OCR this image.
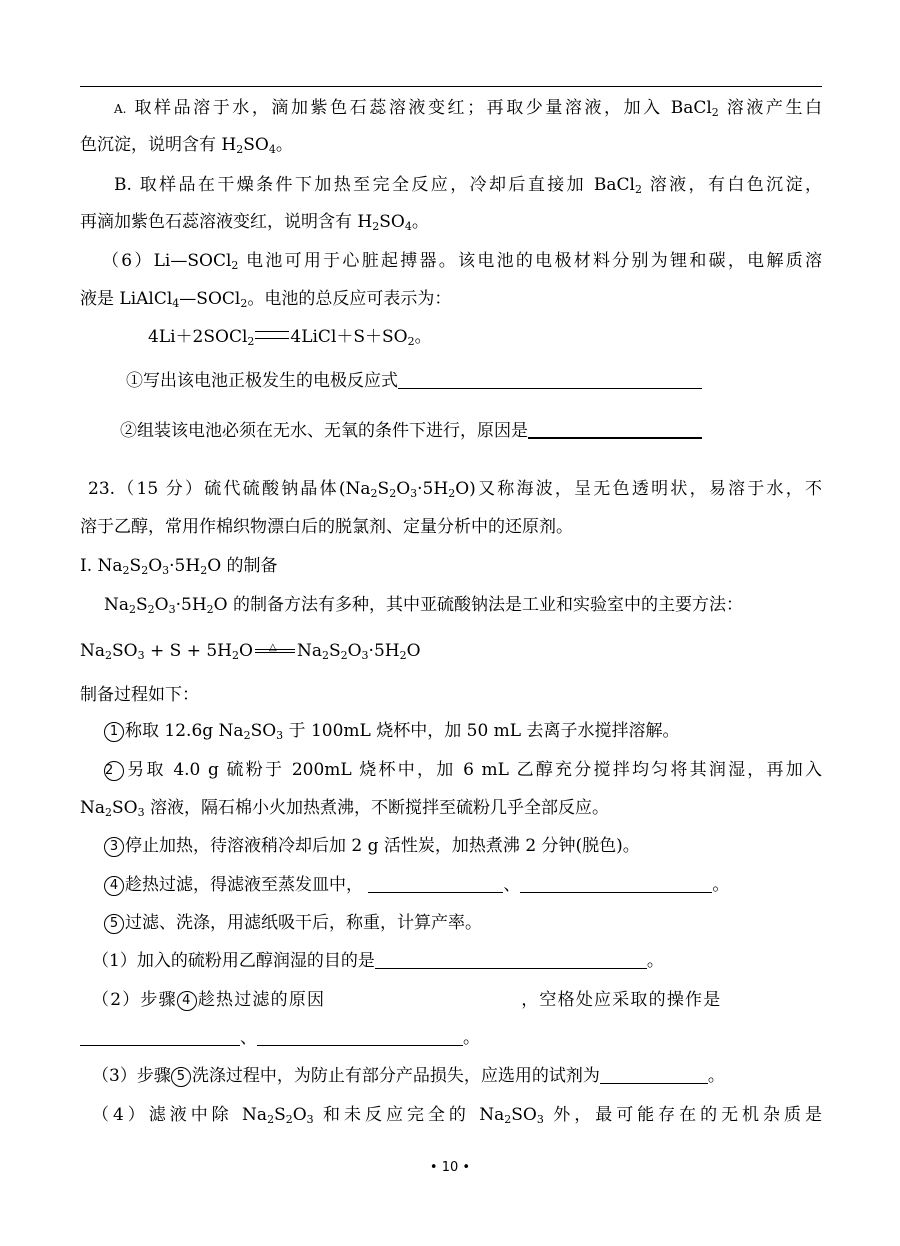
A. 取样品溶于水，滴加紫色石蕊溶液变红；再取少量溶液，加入 BaCl$_2$ 溶液产生白
色沉淀，说明含有 $H_2SO_4$。
B. 取样品在干燥条件下加热至完全反应，冷却后直接加 BaCl$_2$ 溶液，有白色沉淀，
再滴加紫色石蕊溶液变红，说明含有 $H_2SO_4$。
（6）Li—SOCl$_2$ 电池可用于心脏起搏器。该电池的电极材料分别为锂和碳，电解质溶
液是 LiAlCl$_4$—SOCl$_2$。电池的总反应可表示为：
4Li＋2SOCl$_2$ $4LiCl+S+SO_2$。
①写出该电池正极发生的电极反应式
②组装该电池必须在无水、无氧的条件下进行，原因是
23.（15 分）硫代硫酸钠晶体$(Na_2S_2O_3\cdot 5H_2O)$又称海波，呈无色透明状，易溶于水，不
溶于乙醇，常用作棉织物漂白后的脱氯剂、定量分析中的还原剂。
Ⅰ. $Na_2S_2O_3\cdot 5H_2O$ 的制备
$Na_2S_2O_3\cdot 5H_2O$ 的制备方法有多种，其中亚硫酸钠法是工业和实验室中的主要方法：
$Na_2SO_3 + S + 5H_2O$ △ $Na_2S_2O_3\cdot 5H_2O$
制备过程如下：
1 称取 12.6g $Na_2SO_3$ 于 100mL 烧杯中，加 50 mL 去离子水搅拌溶解。
2 另取 4.0 g 硫粉于 200mL 烧杯中，加 6 mL 乙醇充分搅拌均匀将其润湿，再加入
$Na_2SO_3$ 溶液，隔石棉小火加热煮沸，不断搅拌至硫粉几乎全部反应。
3 停止加热，待溶液稍冷却后加 2 g 活性炭，加热煮沸 2 分钟(脱色)。
4 趁热过滤，得滤液至蒸发皿中，	、	。
5 过滤、洗涤，用滤纸吸干后，称重，计算产率。
（1）加入的硫粉用乙醇润湿的目的是	。
（2）步骤 4 趁热过滤的原因	，空格处应采取的操作是
、	。
（3）步骤 5 洗涤过程中，为防止有部分产品损失，应选用的试剂为	。
（4）滤液中除 $Na_2S_2O_3$ 和未反应完全的 $Na_2SO_3$ 外，最可能存在的无机杂质是
• 10 •
